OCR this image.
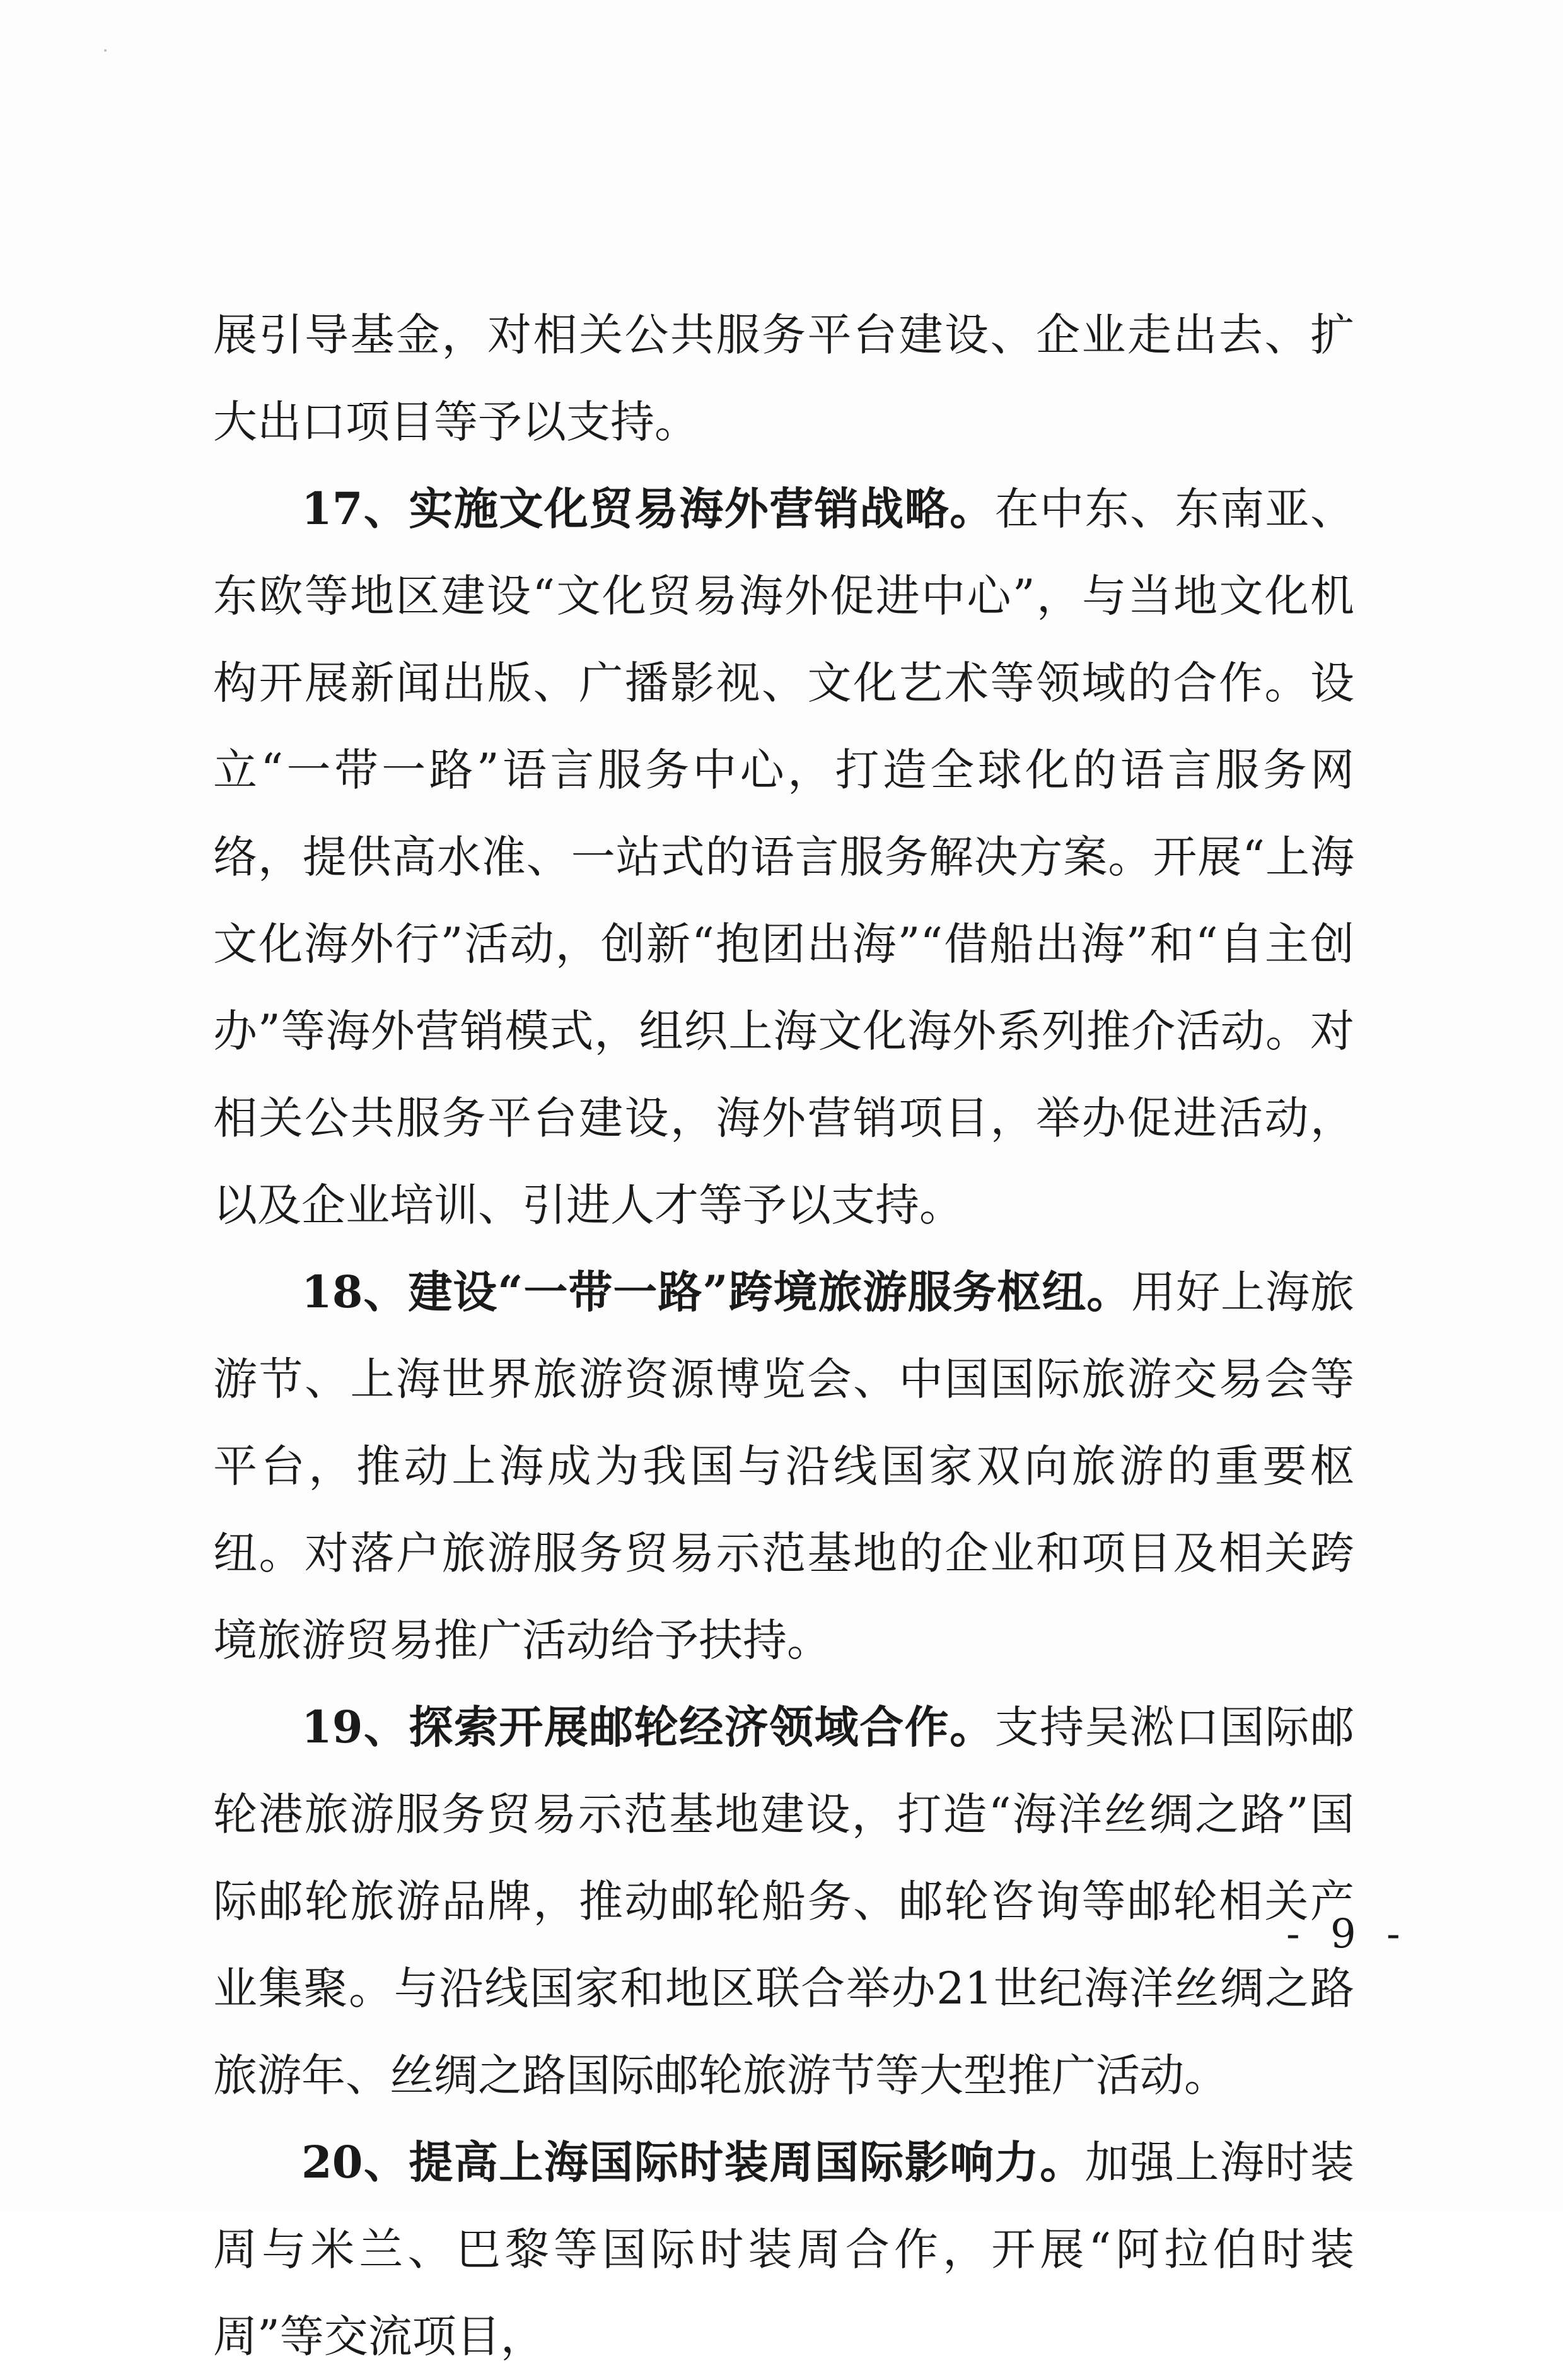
展引导基金，对相关公共服务平台建设、企业走出去、扩大出口项目等予以支持。

17、实施文化贸易海外营销战略。在中东、东南亚、东欧等地区建设“文化贸易海外促进中心”，与当地文化机构开展新闻出版、广播影视、文化艺术等领域的合作。设立“一带一路”语言服务中心，打造全球化的语言服务网络，提供高水准、一站式的语言服务解决方案。开展“上海文化海外行”活动，创新“抱团出海”“借船出海”和“自主创办”等海外营销模式，组织上海文化海外系列推介活动。对相关公共服务平台建设，海外营销项目，举办促进活动，以及企业培训、引进人才等予以支持。

18、建设“一带一路”跨境旅游服务枢纽。用好上海旅游节、上海世界旅游资源博览会、中国国际旅游交易会等平台，推动上海成为我国与沿线国家双向旅游的重要枢纽。对落户旅游服务贸易示范基地的企业和项目及相关跨境旅游贸易推广活动给予扶持。

19、探索开展邮轮经济领域合作。支持吴淞口国际邮轮港旅游服务贸易示范基地建设，打造“海洋丝绸之路”国际邮轮旅游品牌，推动邮轮船务、邮轮咨询等邮轮相关产业集聚。与沿线国家和地区联合举办21世纪海洋丝绸之路旅游年、丝绸之路国际邮轮旅游节等大型推广活动。

20、提高上海国际时装周国际影响力。加强上海时装周与米兰、巴黎等国际时装周合作，开展“阿拉伯时装周”等交流项目，

- 9 -
